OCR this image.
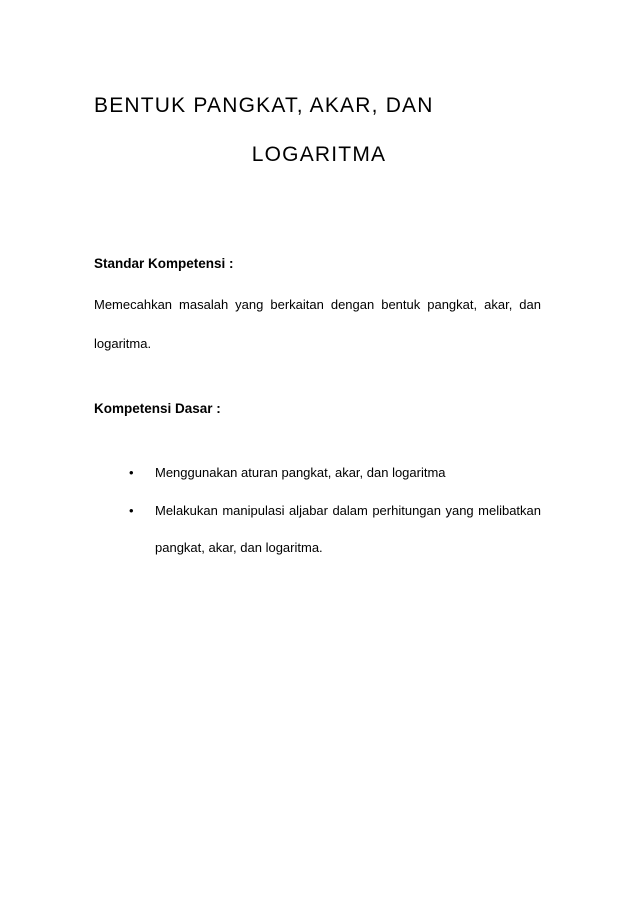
BENTUK PANGKAT, AKAR, DAN
LOGARITMA
Standar Kompetensi :
Memecahkan masalah yang berkaitan dengan bentuk pangkat, akar, dan
logaritma.
Kompetensi Dasar :
• Menggunakan aturan pangkat, akar, dan logaritma
• Melakukan manipulasi aljabar dalam perhitungan yang melibatkan
pangkat, akar, dan logaritma.
